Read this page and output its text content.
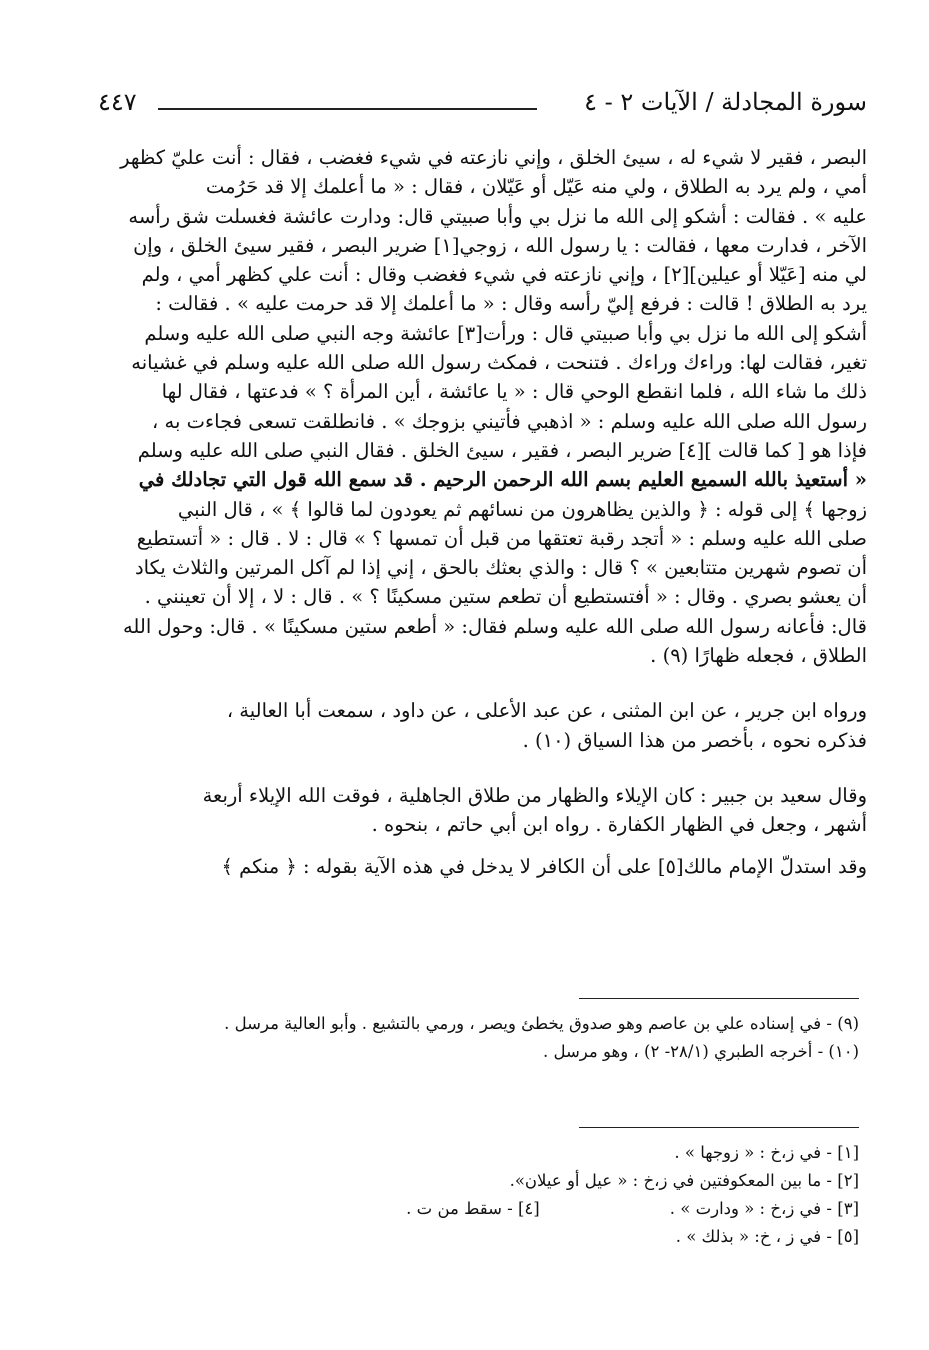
سورة المجادلة / الآيات ٢ - ٤
٤٤٧
البصر ، فقير لا شيء له ، سيئ الخلق ، وإني نازعته في شيء فغضب ، فقال : أنت عليّ كظهر
أمي ، ولم يرد به الطلاق ، ولي منه عَيّل أو عَيّلان ، فقال : « ما أعلمك إلا قد حَرُمت
عليه » . فقالت : أشكو إلى الله ما نزل بي وأبا صبيتي قال: ودارت عائشة فغسلت شق رأسه
الآخر ، فدارت معها ، فقالت : يا رسول الله ، زوجي[١] ضرير البصر ، فقير سيئ الخلق ، وإن
لي منه [عَيّلا أو عيلين][٢] ، وإني نازعته في شيء فغضب وقال : أنت علي كظهر أمي ، ولم
يرد به الطلاق ! قالت : فرفع إليّ رأسه وقال : « ما أعلمك إلا قد حرمت عليه » . فقالت :
أشكو إلى الله ما نزل بي وأبا صبيتي قال : ورأت[٣] عائشة وجه النبي صلى الله عليه وسلم
تغير، فقالت لها: وراءك وراءك . فتنحت ، فمكث رسول الله صلى الله عليه وسلم في غشيانه
ذلك ما شاء الله ، فلما انقطع الوحي قال : « يا عائشة ، أين المرأة ؟ » فدعتها ، فقال لها
رسول الله صلى الله عليه وسلم : « اذهبي فأتيني بزوجك » . فانطلقت تسعى فجاءت به ،
فإذا هو [ كما قالت ][٤] ضرير البصر ، فقير ، سيئ الخلق . فقال النبي صلى الله عليه وسلم
« أستعيذ بالله السميع العليم بسم الله الرحمن الرحيم . قد سمع الله قول التي تجادلك في
زوجها ﴾ إلى قوله : ﴿ والذين يظاهرون من نسائهم ثم يعودون لما قالوا ﴾ » ، قال النبي
صلى الله عليه وسلم : « أتجد رقبة تعتقها من قبل أن تمسها ؟ » قال : لا . قال : « أتستطيع
أن تصوم شهرين متتابعين » ؟ قال : والذي بعثك بالحق ، إني إذا لم آكل المرتين والثلاث يكاد
أن يعشو بصري . وقال : « أفتستطيع أن تطعم ستين مسكينًا ؟ » . قال : لا ، إلا أن تعينني .
قال: فأعانه رسول الله صلى الله عليه وسلم فقال: « أطعم ستين مسكينًا » . قال: وحول الله
الطلاق ، فجعله ظهارًا (٩) .
ورواه ابن جرير ، عن ابن المثنى ، عن عبد الأعلى ، عن داود ، سمعت أبا العالية ،
فذكره نحوه ، بأخصر من هذا السياق (١٠) .
وقال سعيد بن جبير : كان الإيلاء والظهار من طلاق الجاهلية ، فوقت الله الإيلاء أربعة
أشهر ، وجعل في الظهار الكفارة . رواه ابن أبي حاتم ، بنحوه .
وقد استدلّ الإمام مالك[٥] على أن الكافر لا يدخل في هذه الآية بقوله : ﴿ منكم ﴾
(٩) - في إسناده علي بن عاصم وهو صدوق يخطئ ويصر ، ورمي بالتشيع . وأبو العالية مرسل .
(١٠) - أخرجه الطبري (٢٨/١- ٢) ، وهو مرسل .
[١] - في ز،خ : « زوجها » .
[٢] - ما بين المعكوفتين في ز،خ : « عيل أو عيلان».
[٣] - في ز،خ : « ودارت » .
[٤] - سقط من ت .
[٥] - في ز ، خ: « بذلك » .
